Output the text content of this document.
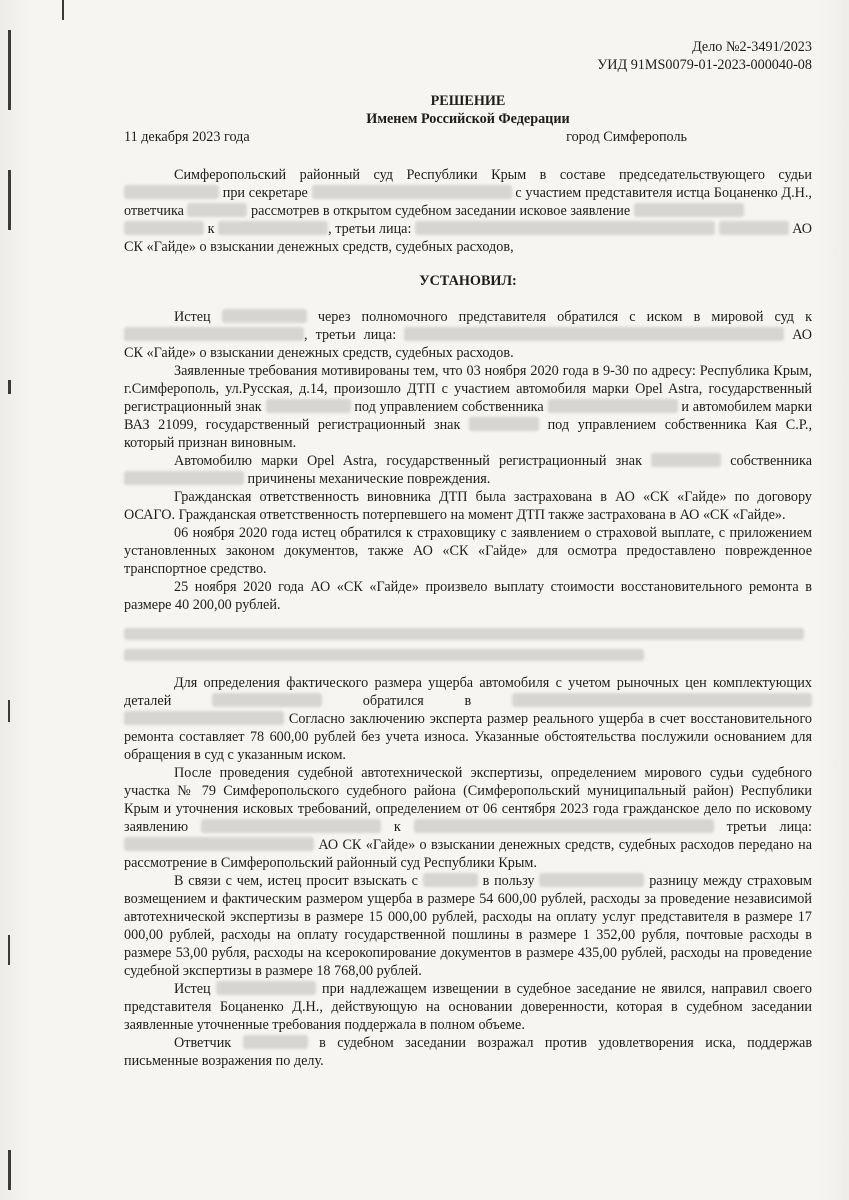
Дело №2-3491/2023
УИД 91MS0079-01-2023-000040-08
РЕШЕНИЕ
Именем Российской Федерации
11 декабря 2023 года	город Симферополь

Симферопольский районный суд Республики Крым в составе председательствующего судьи  при секретаре	с участием представителя истца Боцаненко Д.Н., ответчика	рассмотрев в открытом судебном заседании исковое заявление
к	, третьи лица:	АО СК «Гайде» о взыскании денежных средств, судебных расходов,

УСТАНОВИЛ:

Истец	через полномочного представителя обратился с иском в мировой суд к , третьи лица:	АО СК «Гайде» о взыскании денежных средств, судебных расходов.

Заявленные требования мотивированы тем, что 03 ноября 2020 года в 9-30 по адресу: Республика Крым, г.Симферополь, ул.Русская, д.14, произошло ДТП с участием автомобиля марки Opel Astra, государственный регистрационный знак	под управлением собственника	и автомобилем марки ВАЗ 21099, государственный регистрационный знак	под управлением собственника Кая С.Р., который признан виновным.

Автомобилю марки Opel Astra, государственный регистрационный знак	собственника  причинены механические повреждения.

Гражданская ответственность виновника ДТП была застрахована в АО «СК «Гайде» по договору ОСАГО. Гражданская ответственность потерпевшего на момент ДТП также застрахована в АО «СК «Гайде».

06 ноября 2020 года истец обратился к страховщику с заявлением о страховой выплате, с приложением установленных законом документов, также АО «СК «Гайде» для осмотра предоставлено поврежденное транспортное средство.

25 ноября 2020 года АО «СК «Гайде» произвело выплату стоимости восстановительного ремонта в размере 40 200,00 рублей.

Для определения фактического размера ущерба автомобиля с учетом рыночных цен комплектующих деталей	обратился в   Согласно заключению эксперта размер реального ущерба в счет восстановительного ремонта составляет 78 600,00 рублей без учета износа. Указанные обстоятельства послужили основанием для обращения в суд с указанным иском.

После проведения судебной автотехнической экспертизы, определением мирового судьи судебного участка № 79 Симферопольского судебного района (Симферопольский муниципальный район) Республики Крым и уточнения исковых требований, определением от 06 сентября 2023 года гражданское дело по исковому заявлению	к	третьи лица:  АО СК «Гайде» о взыскании денежных средств, судебных расходов передано на рассмотрение в Симферопольский районный суд Республики Крым.

В связи с чем, истец просит взыскать с	в пользу	разницу между страховым возмещением и фактическим размером ущерба в размере 54 600,00 рублей, расходы за проведение независимой автотехнической экспертизы в размере 15 000,00 рублей, расходы на оплату услуг представителя в размере 17 000,00 рублей, расходы на оплату государственной пошлины в размере 1 352,00 рубля, почтовые расходы в размере 53,00 рубля, расходы на ксерокопирование документов в размере 435,00 рублей, расходы на проведение судебной экспертизы в размере 18 768,00 рублей.

Истец	при надлежащем извещении в судебное заседание не явился, направил своего представителя Боцаненко Д.Н., действующую на основании доверенности, которая в судебном заседании заявленные уточненные требования поддержала в полном объеме.

Ответчик	в судебном заседании возражал против удовлетворения иска, поддержав письменные возражения по делу.
